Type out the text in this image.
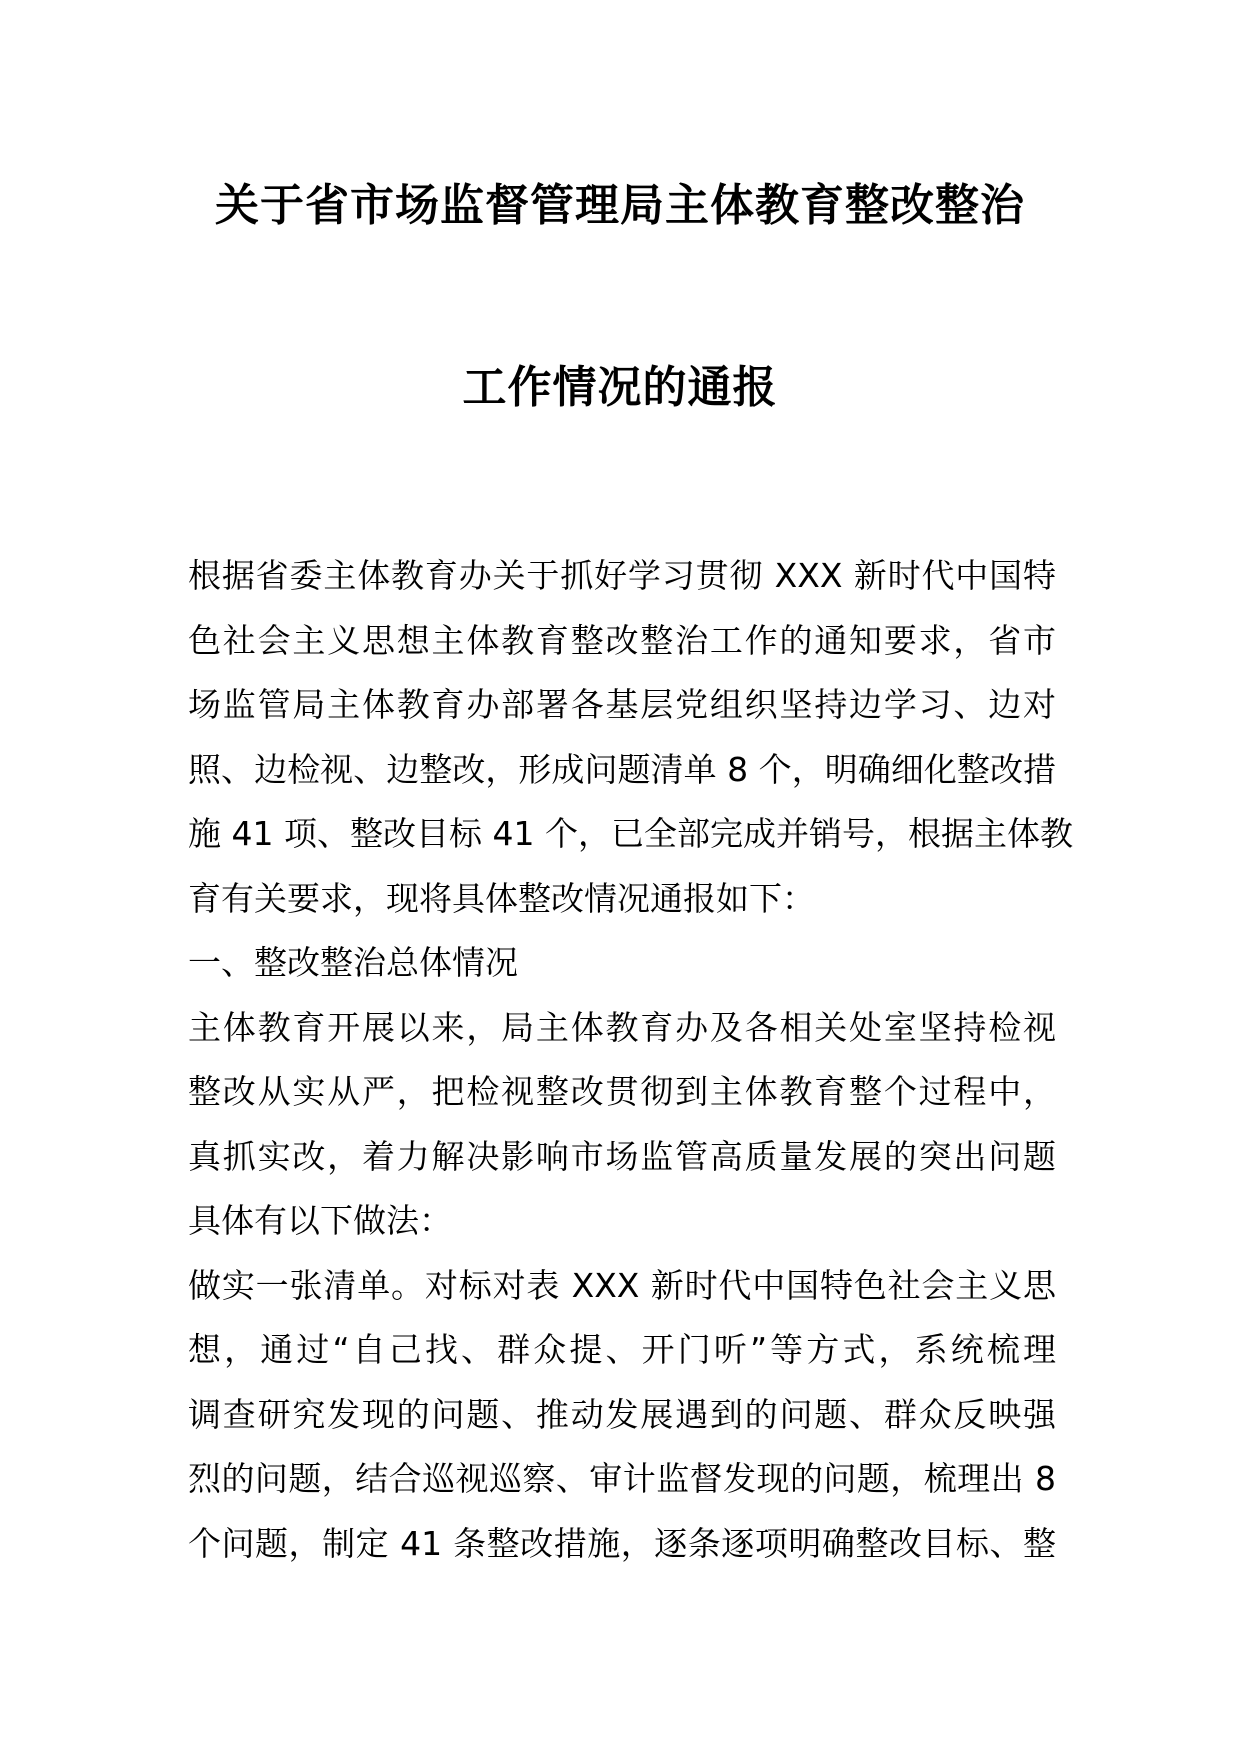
关于省市场监督管理局主体教育整改整治
工作情况的通报
根据省委主体教育办关于抓好学习贯彻 XXX 新时代中国特
色社会主义思想主体教育整改整治工作的通知要求，省市
场监管局主体教育办部署各基层党组织坚持边学习、边对
照、边检视、边整改，形成问题清单 8 个，明确细化整改措
施 41 项、整改目标 41 个，已全部完成并销号，根据主体教
育有关要求，现将具体整改情况通报如下：
一、整改整治总体情况
主体教育开展以来，局主体教育办及各相关处室坚持检视
整改从实从严，把检视整改贯彻到主体教育整个过程中，
真抓实改，着力解决影响市场监管高质量发展的突出问题
具体有以下做法：
做实一张清单。对标对表 XXX 新时代中国特色社会主义思
想，通过“自己找、群众提、开门听”等方式，系统梳理
调查研究发现的问题、推动发展遇到的问题、群众反映强
烈的问题，结合巡视巡察、审计监督发现的问题，梳理出 8
个问题，制定 41 条整改措施，逐条逐项明确整改目标、整
